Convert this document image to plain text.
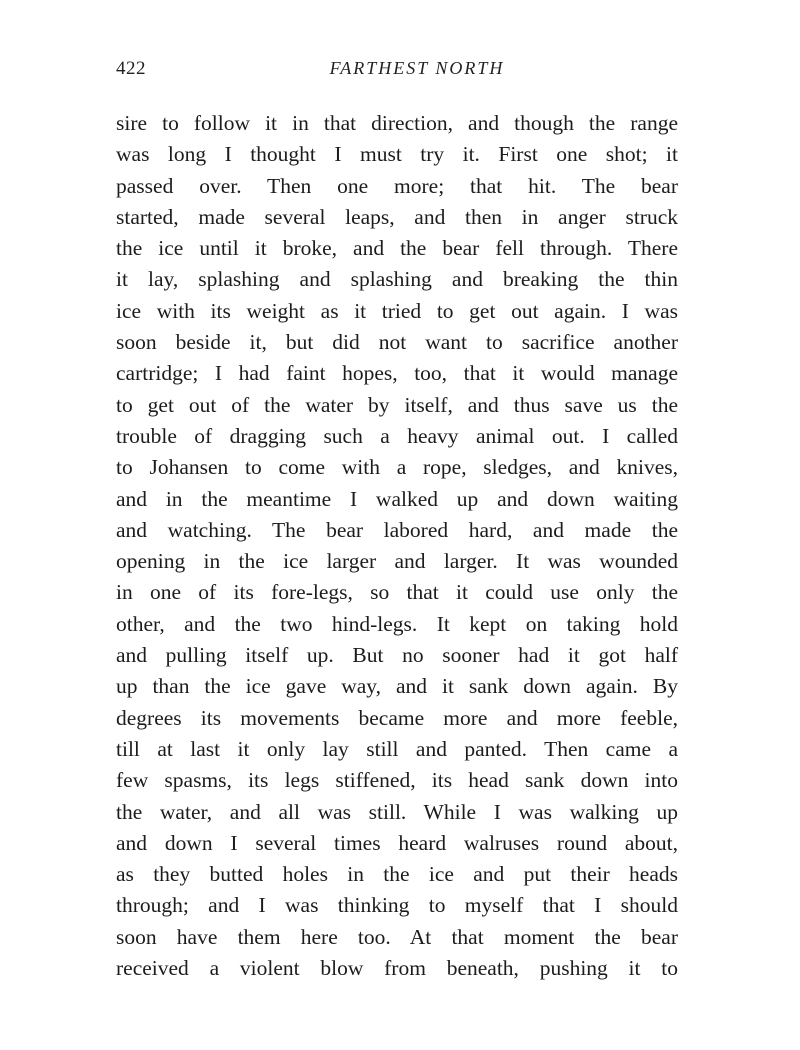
422	FARTHEST NORTH
sire to follow it in that direction, and though the range
was long I thought I must try it. First one shot; it
passed over. Then one more; that hit. The bear
started, made several leaps, and then in anger struck
the ice until it broke, and the bear fell through. There
it lay, splashing and splashing and breaking the thin
ice with its weight as it tried to get out again. I was
soon beside it, but did not want to sacrifice another
cartridge; I had faint hopes, too, that it would manage
to get out of the water by itself, and thus save us the
trouble of dragging such a heavy animal out. I called
to Johansen to come with a rope, sledges, and knives,
and in the meantime I walked up and down waiting
and watching. The bear labored hard, and made the
opening in the ice larger and larger. It was wounded
in one of its fore-legs, so that it could use only the
other, and the two hind-legs. It kept on taking hold
and pulling itself up. But no sooner had it got half
up than the ice gave way, and it sank down again. By
degrees its movements became more and more feeble,
till at last it only lay still and panted. Then came a
few spasms, its legs stiffened, its head sank down into
the water, and all was still. While I was walking up
and down I several times heard walruses round about,
as they butted holes in the ice and put their heads
through; and I was thinking to myself that I should
soon have them here too. At that moment the bear
received a violent blow from beneath, pushing it to
